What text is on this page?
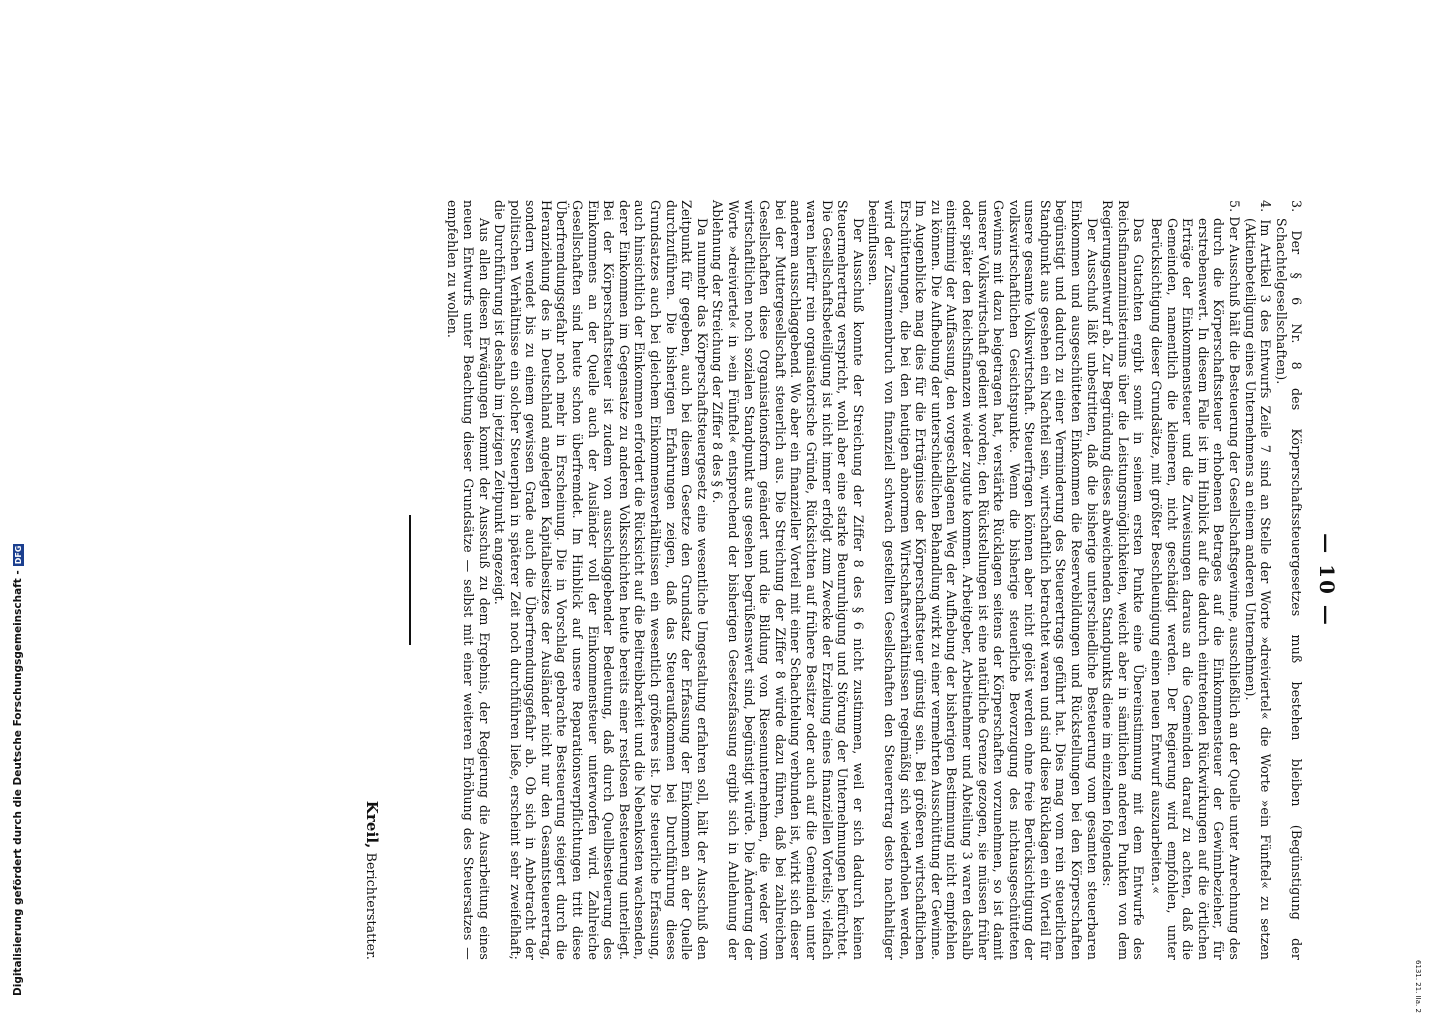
— 10 —

3. Der § 6 Nr. 8 des Körperschaftssteuergesetzes muß bestehen bleiben (Begünstigung der Schachtelgesellschaften).

4. Im Artikel 3 des Entwurfs Zeile 7 sind an Stelle der Worte »dreiviertel« die Worte »ein Fünftel« zu setzen (Aktienbeteiligung eines Unternehmens an einem anderen Unternehmen).

5. Der Ausschuß hält die Besteuerung der Gesellschaftsgewinne, ausschließlich an der Quelle unter Anrechnung des durch die Körperschaftssteuer erhobenen Betrages auf die Einkommensteuer der Gewinnbezieher, für erstrebenswert. In diesem Falle ist im Hinblick auf die dadurch eintretenden Rückwirkungen auf die örtlichen Erträge der Einkommensteuer und die Zuweisungen daraus an die Gemeinden darauf zu achten, daß die Gemeinden, namentlich die kleineren, nicht geschädigt werden. Der Regierung wird empfohlen, unter Berücksichtigung dieser Grundsätze, mit größter Beschleunigung einen neuen Entwurf auszuarbeiten.«

Das Gutachten ergibt somit in seinem ersten Punkte eine Übereinstimmung mit dem Entwurfe des Reichsfinanzministeriums über die Leistungsmöglichkeiten, weicht aber in sämtlichen anderen Punkten von dem Regierungsentwurf ab. Zur Begründung dieses abweichenden Standpunkts diene im einzelnen folgendes:

Der Ausschuß läßt unbestritten, daß die bisherige unterschiedliche Besteuerung vom gesamten steuerbaren Einkommen und ausgeschütteten Einkommen die Reservebildungen und Rückstellungen bei den Körperschaften begünstigt und dadurch zu einer Verminderung des Steuerertrags geführt hat. Dies mag vom rein steuerlichen Standpunkt aus gesehen ein Nachteil sein, wirtschaftlich betrachtet waren und sind diese Rücklagen ein Vorteil für unsere gesamte Volkswirtschaft. Steuerfragen können aber nicht gelöst werden ohne freie Berücksichtigung der volkswirtschaftlichen Gesichtspunkte. Wenn die bisherige steuerliche Bevorzugung des nichtausgeschütteten Gewinns mit dazu beigetragen hat, verstärkte Rücklagen seitens der Körperschaften vorzunehmen, so ist damit unserer Volkswirtschaft gedient worden; den Rückstellungen ist eine natürliche Grenze gezogen, sie müssen früher oder später den Reichsfinanzen wieder zugute kommen. Arbeitgeber, Arbeitnehmer und Abteilung 3 waren deshalb einstimmig der Auffassung, den vorgeschlagenen Weg der Aufhebung der bisherigen Bestimmung nicht empfehlen zu können. Die Aufhebung der unterschiedlichen Behandlung wirkt zu einer vermehrten Ausschüttung der Gewinne. Im Augenblicke mag dies für die Erträgnisse der Körperschaftsteuer günstig sein. Bei größeren wirtschaftlichen Erschütterungen, die bei den heutigen abnormen Wirtschaftsverhältnissen regelmäßig sich wiederholen werden, wird der Zusammenbruch von finanziell schwach gestellten Gesellschaften den Steuerertrag desto nachhaltiger beeinflussen.

Der Ausschuß konnte der Streichung der Ziffer 8 des § 6 nicht zustimmen, weil er sich dadurch keinen Steuermehrertrag verspricht, wohl aber eine starke Beunruhigung und Störung der Unternehmungen befürchtet. Die Gesellschaftsbeteiligung ist nicht immer erfolgt zum Zwecke der Erzielung eines finanziellen Vorteils; vielfach waren hierfür rein organisatorische Gründe, Rücksichten auf frühere Besitzer oder auch auf die Gemeinden unter anderem ausschlaggebend. Wo aber ein finanzieller Vorteil mit einer Schachtelung verbunden ist, wirkt sich dieser bei der Muttergesellschaft steuerlich aus. Die Streichung der Ziffer 8 würde dazu führen, daß bei zahlreichen Gesellschaften diese Organisationsform geändert und die Bildung von Riesenunternehmen, die weder vom wirtschaftlichen noch sozialen Standpunkt aus gesehen begrüßenswert sind, begünstigt würde. Die Änderung der Worte »dreiviertel« in »ein Fünftel« entsprechend der bisherigen Gesetzesfassung ergibt sich in Anlehnung der Ablehnung der Streichung der Ziffer 8 des § 6.

Da nunmehr das Körperschaftsteuergesetz eine wesentliche Umgestaltung erfahren soll, hält der Ausschuß den Zeitpunkt für gegeben, auch bei diesem Gesetze den Grundsatz der Erfassung der Einkommen an der Quelle durchzuführen. Die bisherigen Erfahrungen zeigen, daß das Steueraufkommen bei Durchführung dieses Grundsatzes auch bei gleichem Einkommensverhältnissen ein wesentlich größeres ist. Die steuerliche Erfassung, auch hinsichtlich der Einkommen erfordert die Rücksicht auf die Beitreibbarkeit und die Nebenkosten wachsenden, derer Einkommen im Gegensatze zu anderen Volksschichten heute bereits einer restlosen Besteuerung unterliegt. Bei der Körperschaftsteuer ist zudem von ausschlaggebender Bedeutung, daß durch Quellbesteuerung des Einkommens an der Quelle auch der Ausländer voll der Einkommensteuer unterworfen wird. Zahlreiche Gesellschaften sind heute schon überfremdet. Im Hinblick auf unsere Reparationsverpflichtungen tritt diese Überfremdungsgefahr noch mehr in Erscheinung. Die in Vorschlag gebrachte Besteuerung steigert durch die Heranziehung des in Deutschland angelegten Kapitalbesitzes der Ausländer nicht nur den Gesamtsteuerertrag, sondern wendet bis zu einem gewissen Grade auch die Überfremdungsgefahr ab. Ob sich in Anbetracht der politischen Verhältnisse ein solcher Steuerplan in späterer Zeit noch durchführen ließe, erscheint sehr zweifelhaft; die Durchführung ist deshalb im jetzigen Zeitpunkt angezeigt.

Aus allen diesen Erwägungen kommt der Ausschuß zu dem Ergebnis, der Regierung die Ausarbeitung eines neuen Entwurfs unter Beachtung dieser Grundsätze — selbst mit einer weiteren Erhöhung des Steuersatzes — empfehlen zu wollen.

Kreil, Berichterstatter.
6131. 21. IIa. 2
Digitalisierung gefördert durch die Deutsche Forschungsgemeinschaft -
DFG
